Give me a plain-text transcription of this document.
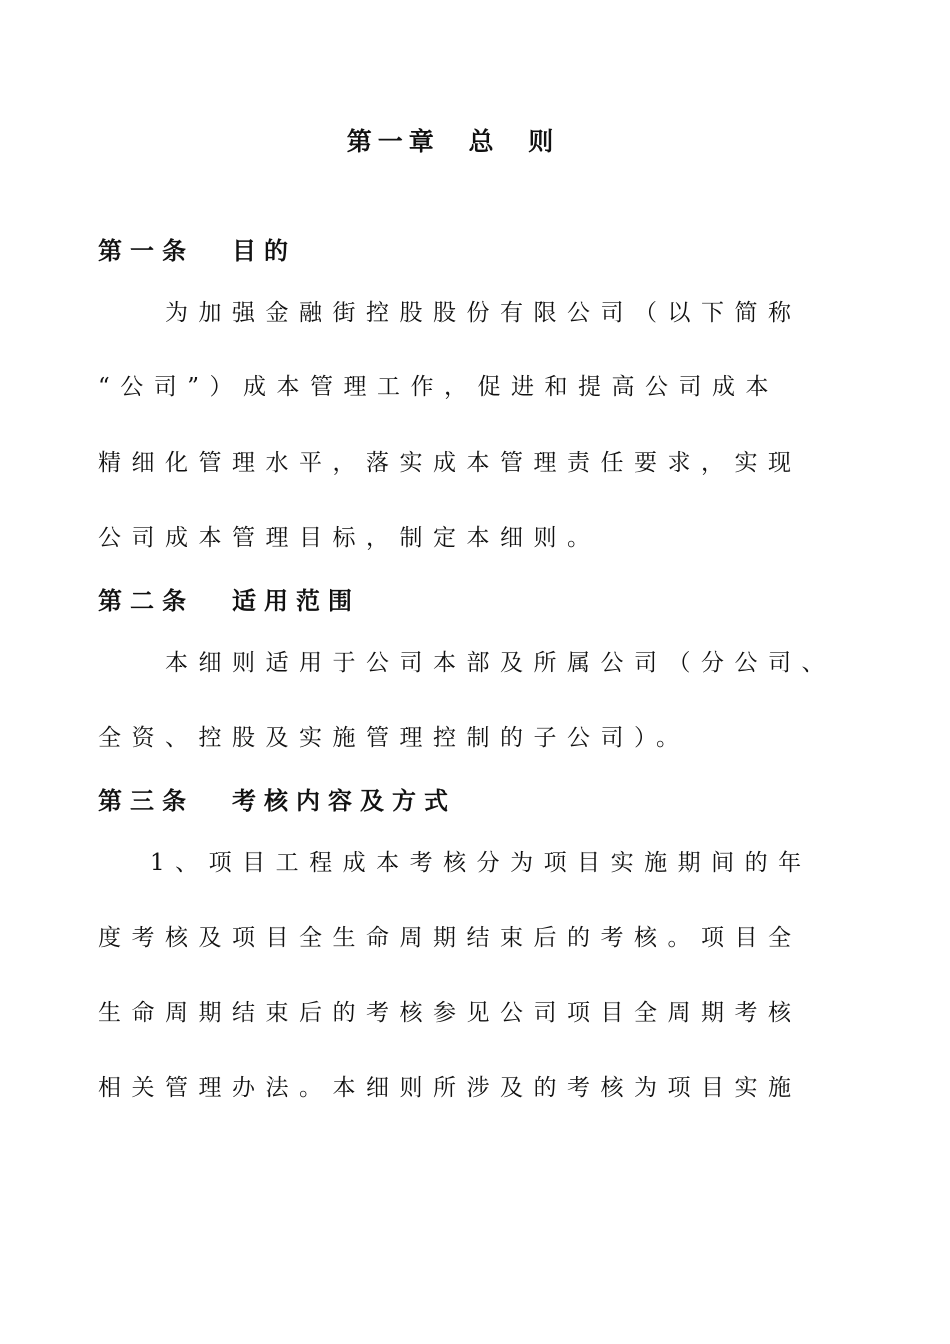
第一章 总 则
第一条 目的
为加强金融街控股股份有限公司（以下简称
“公司”）成本管理工作，促进和提高公司成本
精细化管理水平，落实成本管理责任要求，实现
公司成本管理目标，制定本细则。
第二条 适用范围
本细则适用于公司本部及所属公司（分公司、
全资、控股及实施管理控制的子公司）。
第三条 考核内容及方式
1、项目工程成本考核分为项目实施期间的年
度考核及项目全生命周期结束后的考核。项目全
生命周期结束后的考核参见公司项目全周期考核
相关管理办法。本细则所涉及的考核为项目实施
